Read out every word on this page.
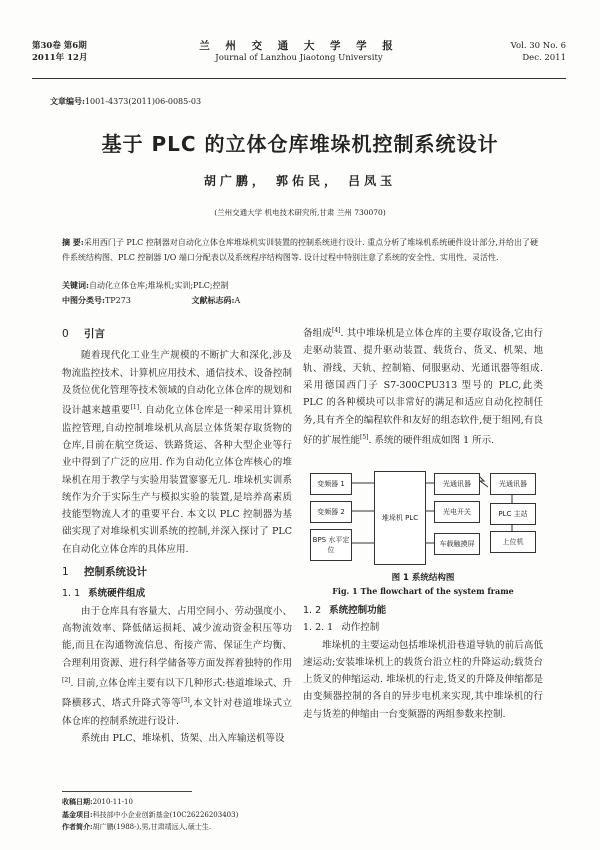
第30卷 第6期
2011年 12月
兰 州 交 通 大 学 学 报
Journal of Lanzhou Jiaotong University
Vol. 30 No. 6
Dec. 2011
文章编号:1001-4373(2011)06-0085-03
基于 PLC 的立体仓库堆垛机控制系统设计
胡广鹏， 郭佑民， 吕凤玉
(兰州交通大学 机电技术研究所,甘肃 兰州 730070)
摘 要:采用西门子 PLC 控制器对自动化立体仓库堆垛机实训装置的控制系统进行设计. 重点分析了堆垛机系统硬件设计部分,并给出了硬件系统结构图、PLC 控制器 I/O 端口分配表以及系统程序结构图等. 设计过程中特别注意了系统的安全性、实用性、灵活性.
关键词:自动化立体仓库;堆垛机;实训;PLC;控制
中图分类号:TP273	文献标志码:A
0 引言

随着现代化工业生产规模的不断扩大和深化,涉及物流监控技术、计算机应用技术、通信技术、设备控制及货位优化管理等技术领域的自动化立体仓库的规划和设计越来越重要[1]. 自动化立体仓库是一种采用计算机监控管理,自动控制堆垛机从高层立体货架存取货物的仓库,目前在航空货运、铁路货运、各种大型企业等行业中得到了广泛的应用. 作为自动化立体仓库核心的堆垛机在用于教学与实验用装置寥寥无几. 堆垛机实训系统作为介于实际生产与模拟实验的装置,是培养高素质技能型物流人才的重要平台. 本文以 PLC 控制器为基础实现了对堆垛机实训系统的控制,并深入探讨了 PLC 在自动化立体仓库的具体应用.

1 控制系统设计
1. 1 系统硬件组成

由于仓库具有容量大、占用空间小、劳动强度小、高物流效率、降低储运损耗、减少流动资金积压等功能,而且在沟通物流信息、衔接产需、保证生产均衡、合理利用资源、进行科学储备等方面发挥着独特的作用[2]. 目前,立体仓库主要有以下几种形式:巷道堆垛式、升降横移式、塔式升降式等等[3],本文针对巷道堆垛式立体仓库的控制系统进行设计.

系统由 PLC、堆垛机、货架、出入库输送机等设

备组成[4]. 其中堆垛机是立体仓库的主要存取设备,它由行走驱动装置、提升驱动装置、载货台、货叉、机架、地轨、滑线、天轨、控制箱、伺服驱动、光通讯器等组成. 采用德国西门子 S7-300CPU313 型号的 PLC,此类 PLC 的各种模块可以非常好的满足和适应自动化控制任务,具有齐全的编程软件和友好的组态软件,便于组网,有良好的扩展性能[5]. 系统的硬件组成如图 1 所示.

变频器 1
变频器 2
BPS 水平定位
堆垛机 PLC
光通讯器
光电开关
车载触摸屏
光通讯器
PLC 主站
上位机
图 1 系统结构图
Fig. 1 The flowchart of the system frame
1. 2 系统控制功能
1. 2. 1 动作控制

堆垛机的主要运动包括堆垛机沿巷道导轨的前后高低速运动;安装堆垛机上的载货台沿立柱的升降运动;载货台上货叉的伸缩运动. 堆垛机的行走,货叉的升降及伸缩都是由变频器控制的各自的异步电机来实现,其中堆垛机的行走与货差的伸缩由一台变频器的两组参数来控制.

收稿日期:2010-11-10
基金项目:科技部中小企业创新基金(10C26226203403)
作者简介:胡广鹏(1988-),男,甘肃靖远人,硕士生.
